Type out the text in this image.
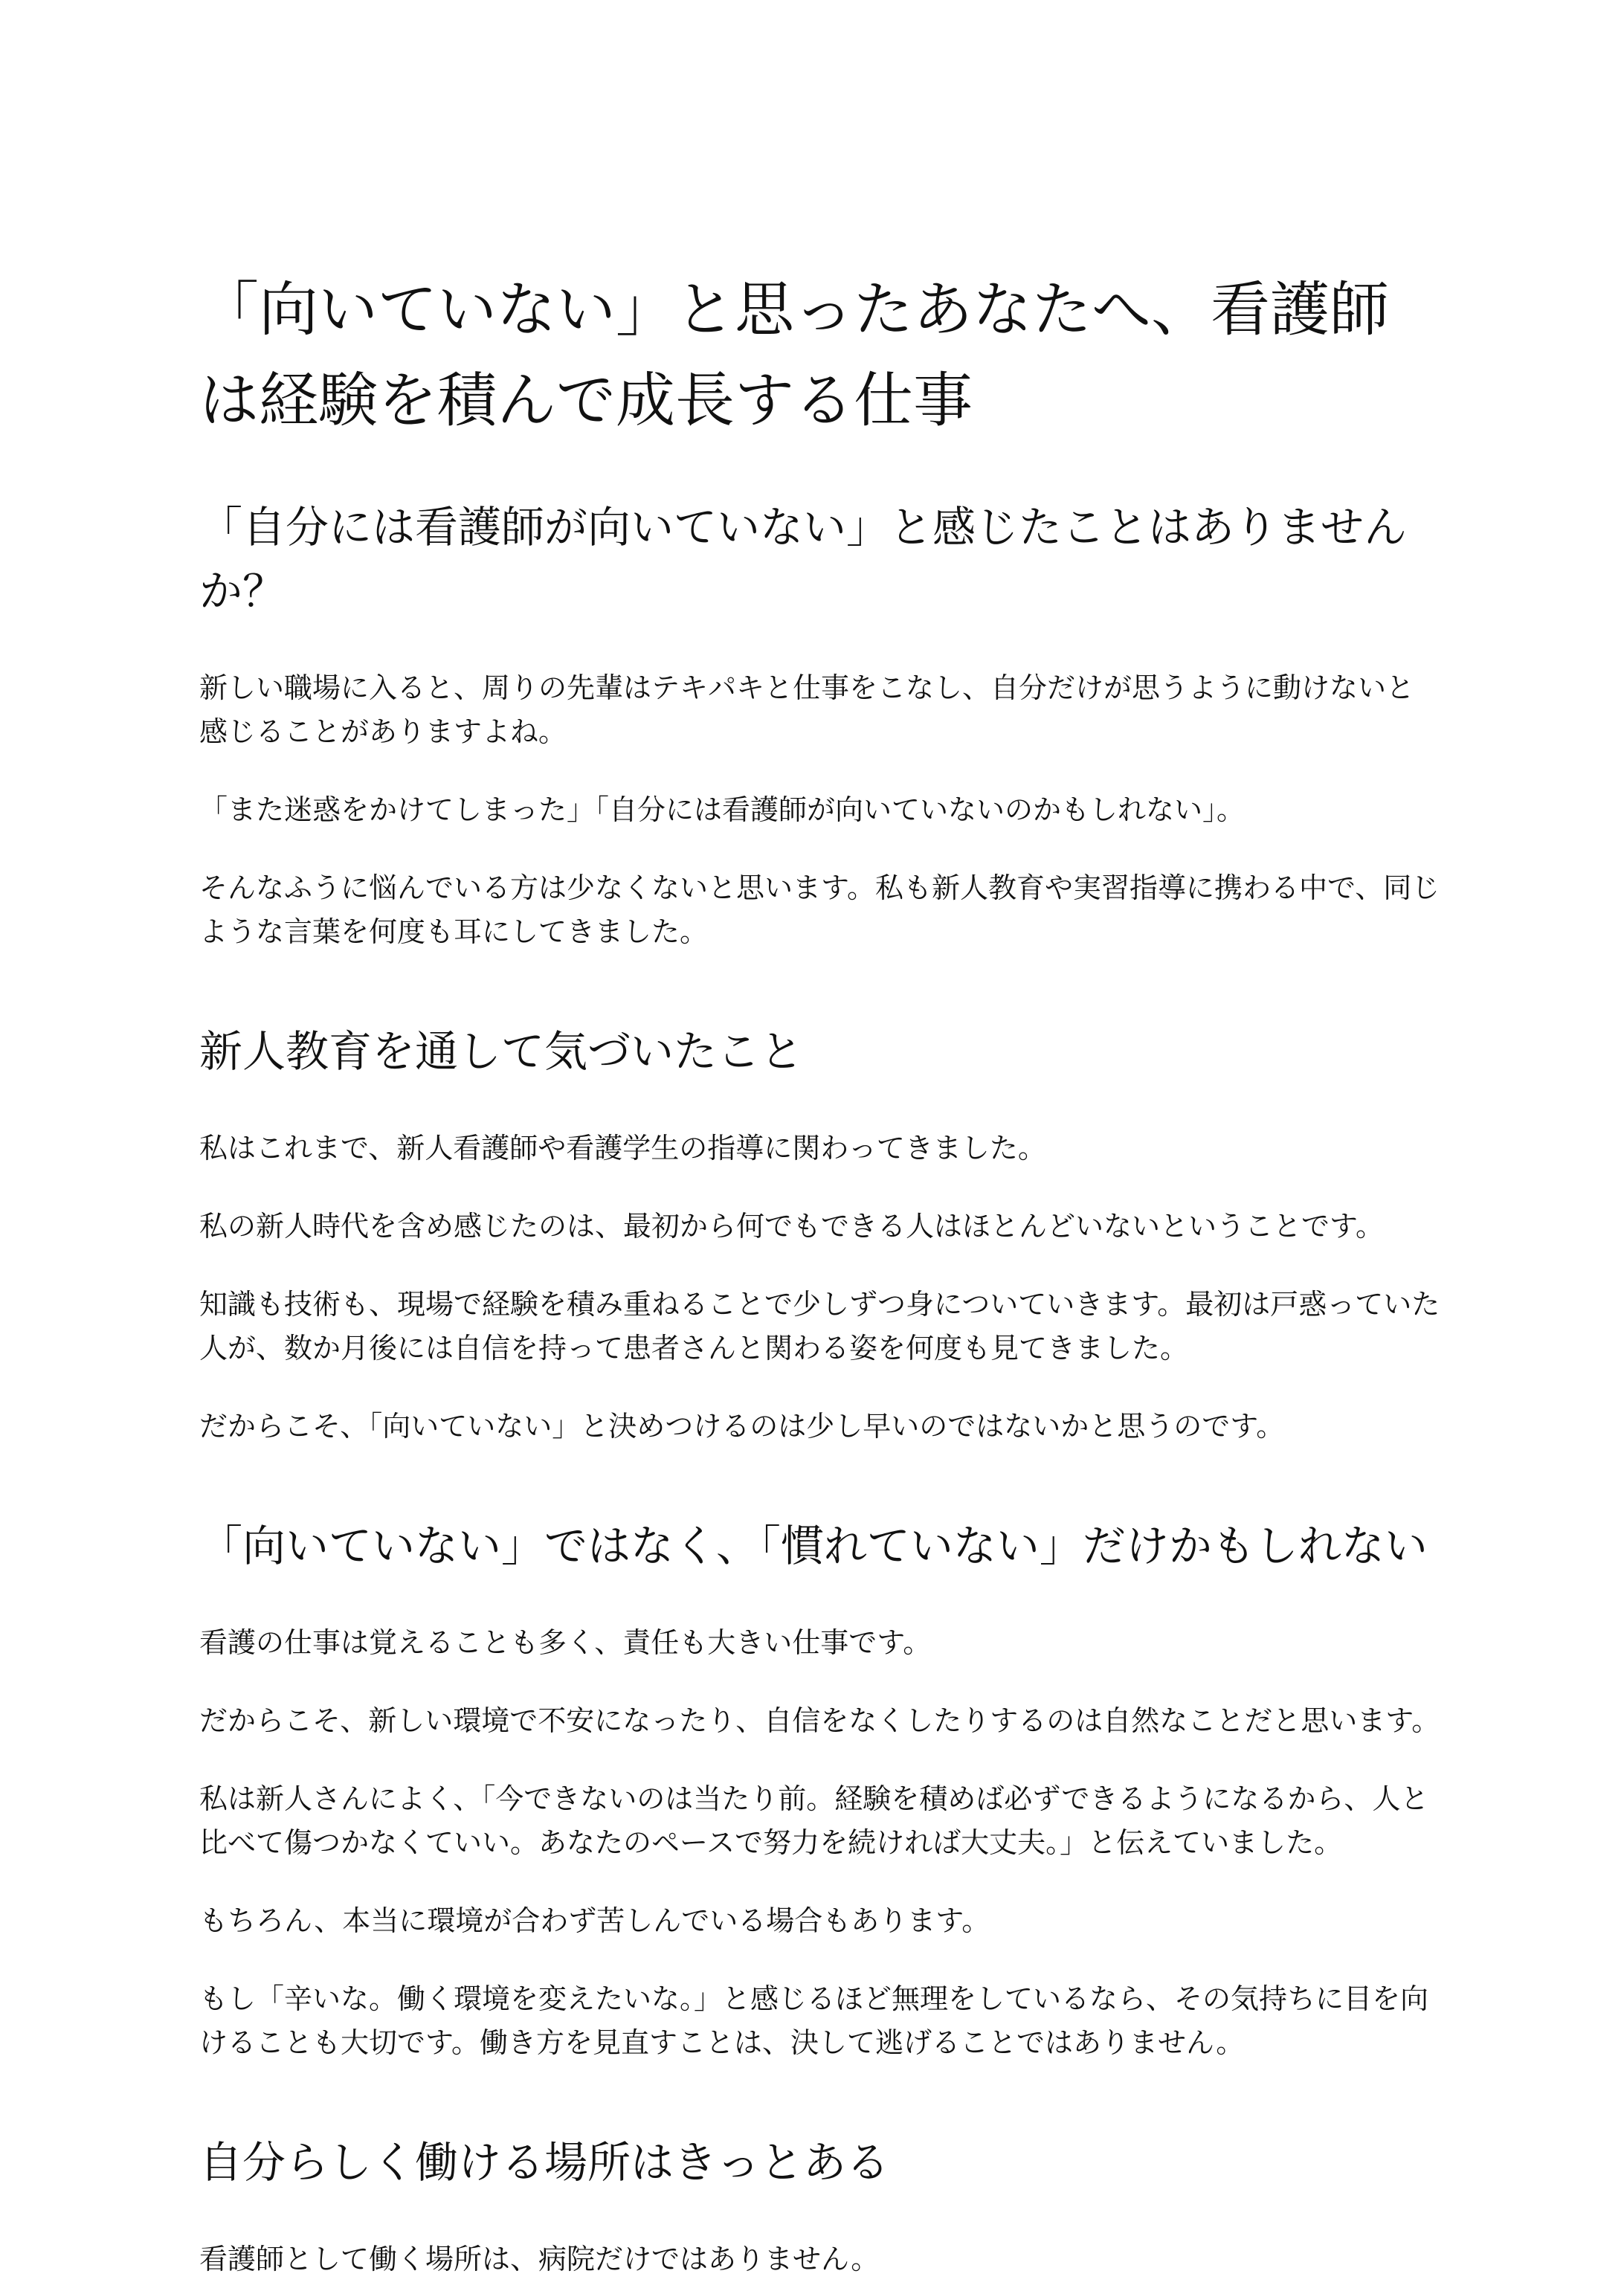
「向いていない」と思ったあなたへ、看護師は経験を積んで成長する仕事
「自分には看護師が向いていない」と感じたことはありませんか？

新しい職場に入ると、周りの先輩はテキパキと仕事をこなし、自分だけが思うように動けないと感じることがありますよね。

「また迷惑をかけてしまった」「自分には看護師が向いていないのかもしれない」。

そんなふうに悩んでいる方は少なくないと思います。私も新人教育や実習指導に携わる中で、同じような言葉を何度も耳にしてきました。

新人教育を通して気づいたこと

私はこれまで、新人看護師や看護学生の指導に関わってきました。

私の新人時代を含め感じたのは、最初から何でもできる人はほとんどいないということです。

知識も技術も、現場で経験を積み重ねることで少しずつ身についていきます。最初は戸惑っていた人が、数か月後には自信を持って患者さんと関わる姿を何度も見てきました。

だからこそ、「向いていない」と決めつけるのは少し早いのではないかと思うのです。

「向いていない」ではなく、「慣れていない」だけかもしれない

看護の仕事は覚えることも多く、責任も大きい仕事です。

だからこそ、新しい環境で不安になったり、自信をなくしたりするのは自然なことだと思います。

私は新人さんによく、「今できないのは当たり前。経験を積めば必ずできるようになるから、人と比べて傷つかなくていい。あなたのペースで努力を続ければ大丈夫。」と伝えていました。

もちろん、本当に環境が合わず苦しんでいる場合もあります。

もし「辛いな。働く環境を変えたいな。」と感じるほど無理をしているなら、その気持ちに目を向けることも大切です。働き方を見直すことは、決して逃げることではありません。

自分らしく働ける場所はきっとある

看護師として働く場所は、病院だけではありません。
